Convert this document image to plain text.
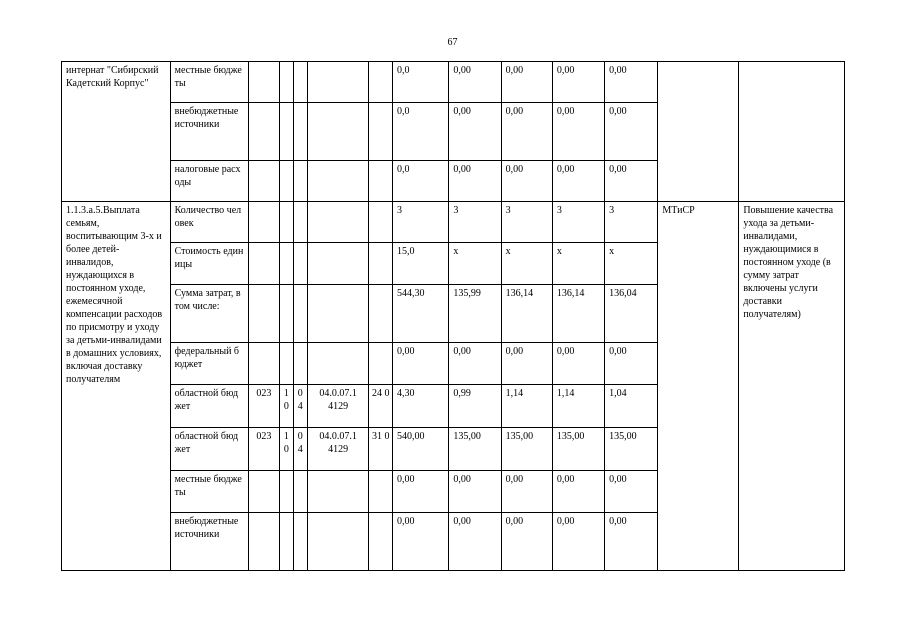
67
интернат "Сибирский Кадетский Корпус"	местные бюджеты						0,0	0,00	0,00	0,00	0,00		
	внебюджетные источники						0,0	0,00	0,00	0,00	0,00		
	налоговые расходы						0,0	0,00	0,00	0,00	0,00		
1.1.3.а.5.Выплата семьям, воспитывающим 3-х и более детей-инвалидов, нуждающихся в постоянном уходе, ежемесячной компенсации расходов по присмотру и уходу за детьми-инвалидами в домашних условиях, включая доставку получателям	Количество человек						3	3	3	3	3	МТиСР	Повышение качества ухода за детьми-инвалидами, нуждающимися в постоянном уходе (в сумму затрат включены услуги доставки получателям)
	Стоимость единицы						15,0	х	х	х	х		
	Сумма затрат, в том числе:						544,30	135,99	136,14	136,14	136,04		
	федеральный бюджет						0,00	0,00	0,00	0,00	0,00		
	областной бюджет	023	1 0	0 4	04.0.07.1 4129	24 0	4,30	0,99	1,14	1,14	1,04		
	областной бюджет	023	1 0	0 4	04.0.07.1 4129	31 0	540,00	135,00	135,00	135,00	135,00		
	местные бюджеты						0,00	0,00	0,00	0,00	0,00		
	внебюджетные источники						0,00	0,00	0,00	0,00	0,00		
